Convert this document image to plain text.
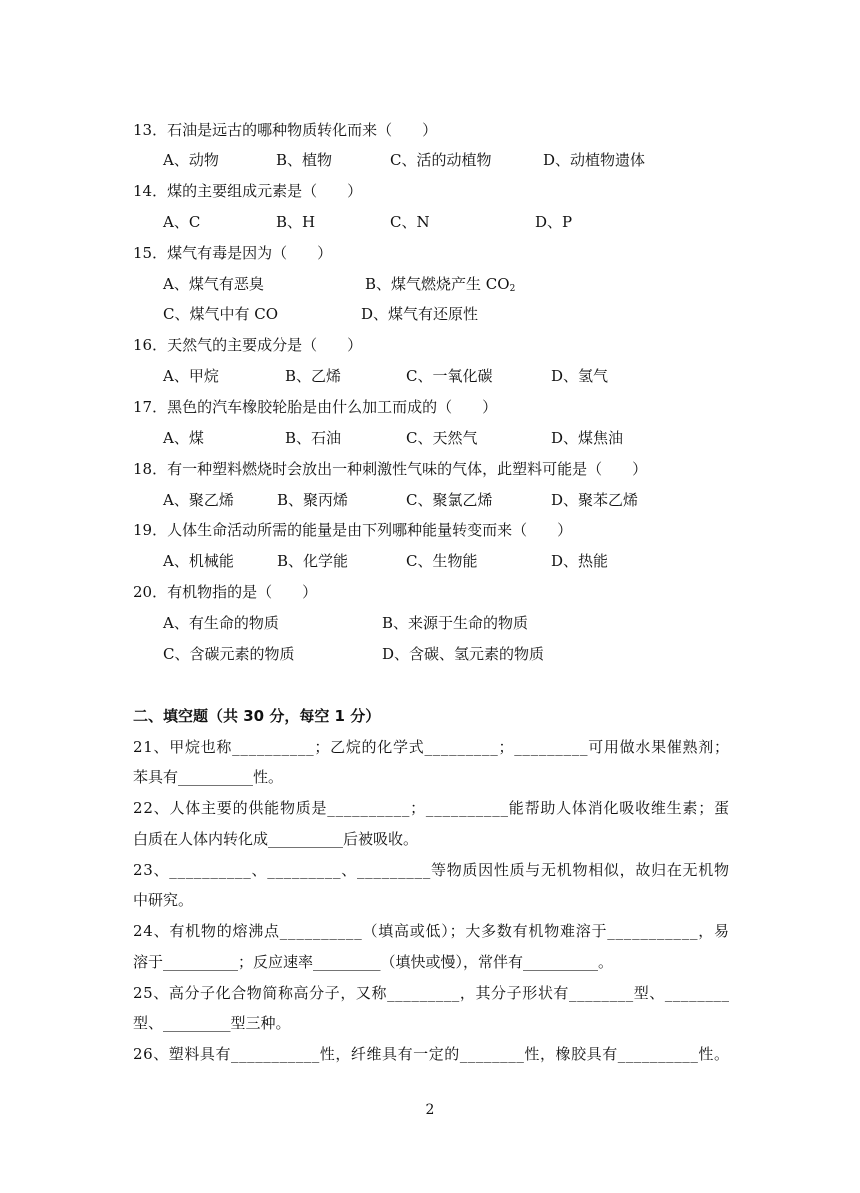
13．石油是远古的哪种物质转化而来（　　）
A、动物	B、植物	C、活的动植物	D、动植物遗体
14．煤的主要组成元素是（　　）
A、C	B、H	C、N	D、P
15．煤气有毒是因为（　　）
A、煤气有恶臭	B、煤气燃烧产生 $CO_2$
C、煤气中有 CO	D、煤气有还原性
16．天然气的主要成分是（　　）
A、甲烷	B、乙烯	C、一氧化碳	D、氢气
17．黑色的汽车橡胶轮胎是由什么加工而成的（　　）
A、煤	B、石油	C、天然气	D、煤焦油
18．有一种塑料燃烧时会放出一种刺激性气味的气体，此塑料可能是（　　）
A、聚乙烯	B、聚丙烯	C、聚氯乙烯	D、聚苯乙烯
19．人体生命活动所需的能量是由下列哪种能量转变而来（　　）
A、机械能	B、化学能	C、生物能	D、热能
20．有机物指的是（　　）
A、有生命的物质	B、来源于生命的物质
C、含碳元素的物质	D、含碳、氢元素的物质
二、填空题（共 30 分，每空 1 分）
21、甲烷也称__________；乙烷的化学式_________；_________可用做水果催熟剂；
苯具有__________性。
22、人体主要的供能物质是__________；__________能帮助人体消化吸收维生素；蛋
白质在人体内转化成__________后被吸收。
23、__________、_________、_________等物质因性质与无机物相似，故归在无机物
中研究。
24、有机物的熔沸点__________（填高或低）；大多数有机物难溶于___________，易
溶于__________；反应速率_________（填快或慢），常伴有__________。
25、高分子化合物简称高分子，又称_________，其分子形状有________型、________
型、_________型三种。
26、塑料具有___________性，纤维具有一定的________性，橡胶具有__________性。
2
